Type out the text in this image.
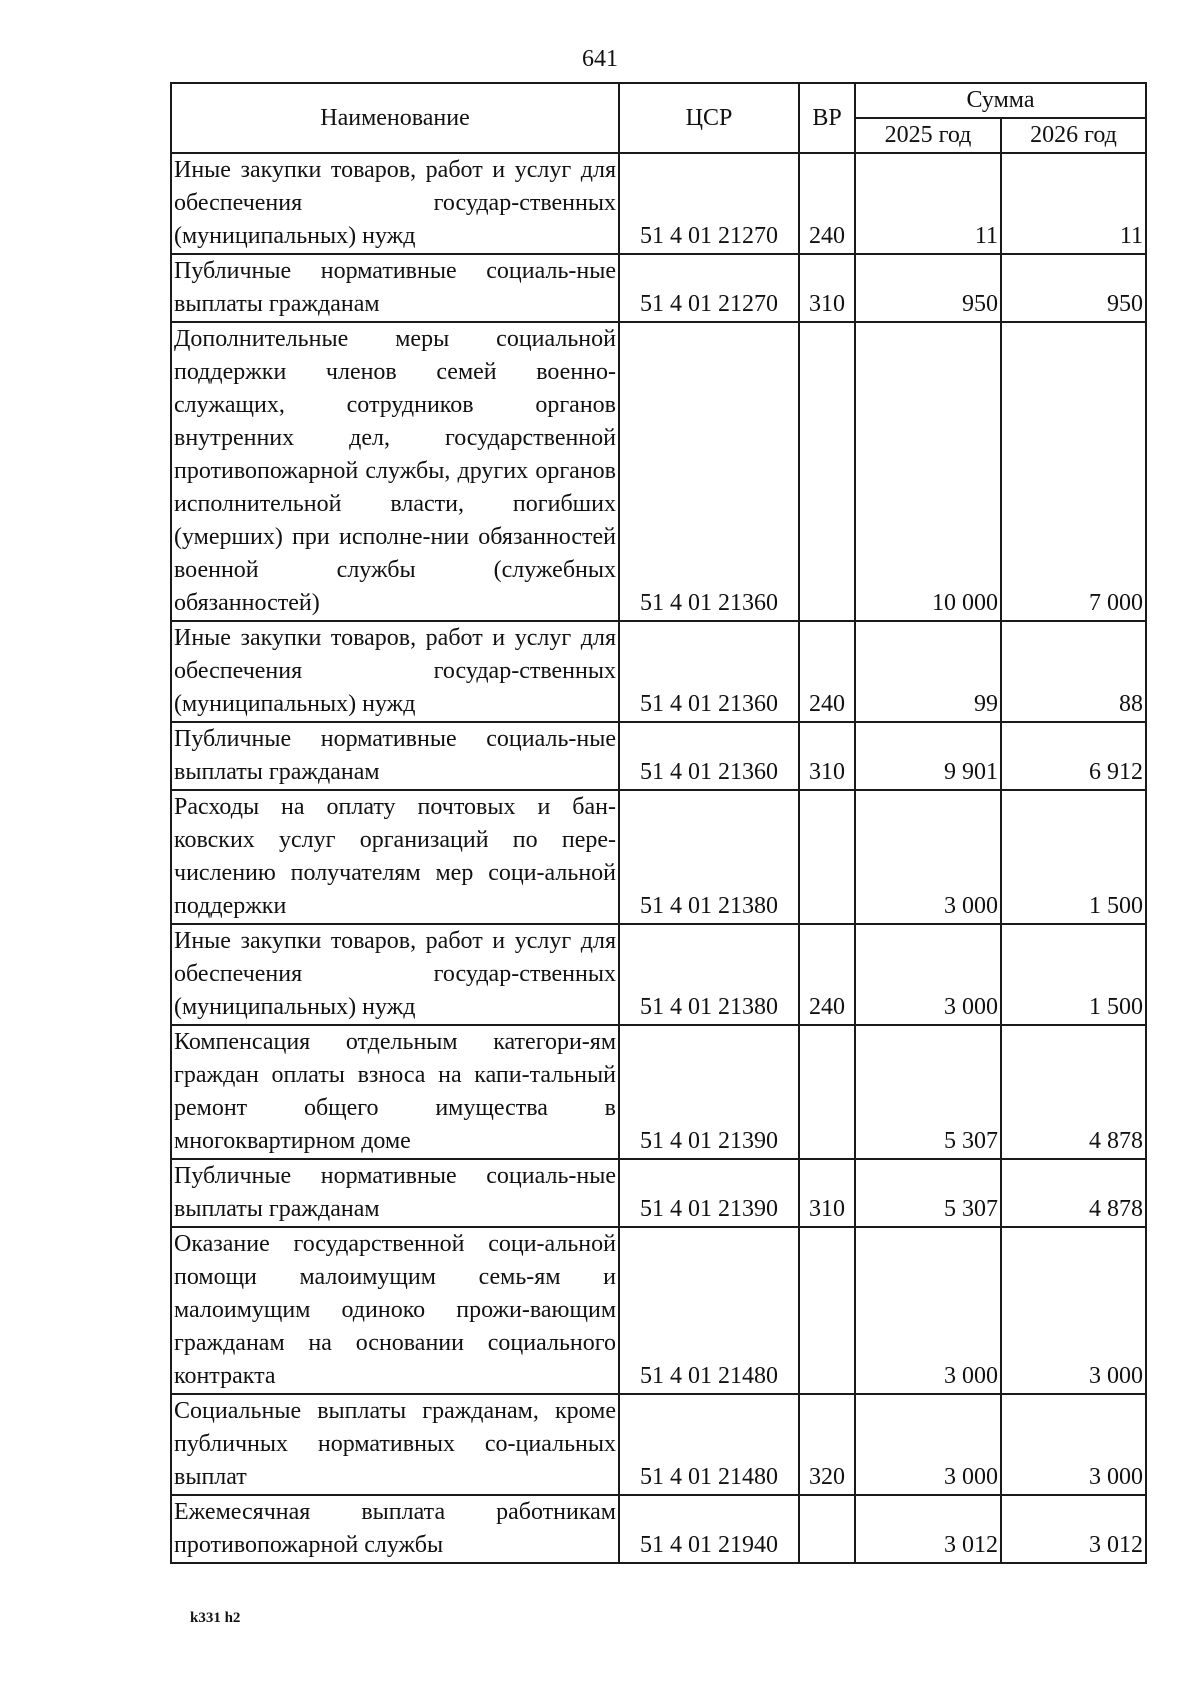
641
Наименование	ЦСР	ВР	Сумма	
			2025 год	2026 год
Иные закупки товаров, работ и услуг для обеспечения государ-ственных (муниципальных) нужд	51 4 01 21270	240	11	11
Публичные нормативные социаль-ные выплаты гражданам	51 4 01 21270	310	950	950
Дополнительные меры социальной поддержки членов семей военно-служащих, сотрудников органов внутренних дел, государственной противопожарной службы, других органов исполнительной власти, погибших (умерших) при исполне-нии обязанностей военной службы (служебных обязанностей)	51 4 01 21360		10 000	7 000
Иные закупки товаров, работ и услуг для обеспечения государ-ственных (муниципальных) нужд	51 4 01 21360	240	99	88
Публичные нормативные социаль-ные выплаты гражданам	51 4 01 21360	310	9 901	6 912
Расходы на оплату почтовых и бан-ковских услуг организаций по пере-числению получателям мер соци-альной поддержки	51 4 01 21380		3 000	1 500
Иные закупки товаров, работ и услуг для обеспечения государ-ственных (муниципальных) нужд	51 4 01 21380	240	3 000	1 500
Компенсация отдельным категори-ям граждан оплаты взноса на капи-тальный ремонт общего имущества в многоквартирном доме	51 4 01 21390		5 307	4 878
Публичные нормативные социаль-ные выплаты гражданам	51 4 01 21390	310	5 307	4 878
Оказание государственной соци-альной помощи малоимущим семь-ям и малоимущим одиноко прожи-вающим гражданам на основании социального контракта	51 4 01 21480		3 000	3 000
Социальные выплаты гражданам, кроме публичных нормативных со-циальных выплат	51 4 01 21480	320	3 000	3 000
Ежемесячная выплата работникам противопожарной службы	51 4 01 21940		3 012	3 012
k331 h2
